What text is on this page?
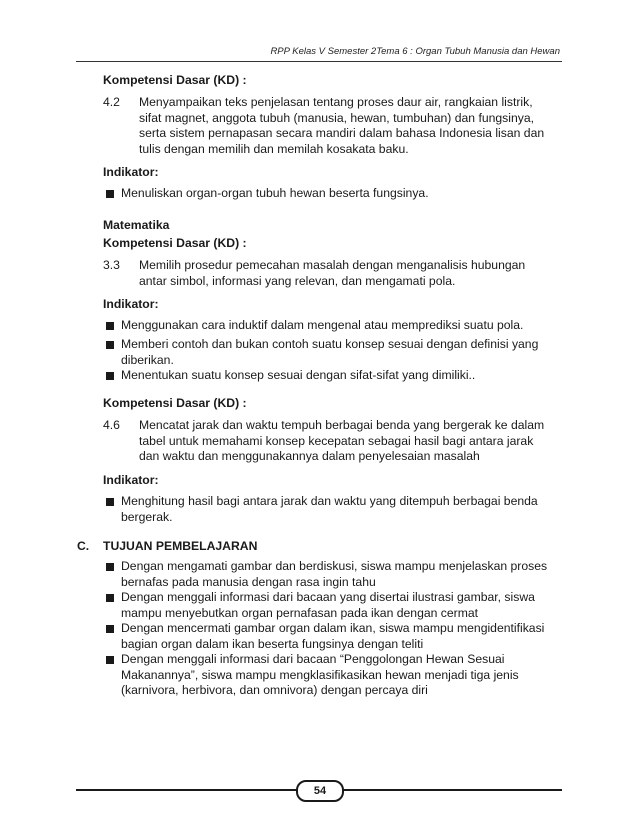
RPP Kelas V Semester 2Tema 6 : Organ Tubuh Manusia dan Hewan
Kompetensi Dasar (KD) :
4.2 Menyampaikan teks penjelasan tentang proses daur air, rangkaian listrik,
sifat magnet, anggota tubuh (manusia, hewan, tumbuhan) dan fungsinya,
serta sistem pernapasan secara mandiri dalam bahasa Indonesia lisan dan
tulis dengan memilih dan memilah kosakata baku.
Indikator:
Menuliskan organ-organ tubuh hewan beserta fungsinya.
Matematika
Kompetensi Dasar (KD) :
3.3 Memilih prosedur pemecahan masalah dengan menganalisis hubungan
antar simbol, informasi yang relevan, dan mengamati pola.
Indikator:
Menggunakan cara induktif dalam mengenal atau memprediksi suatu pola.
Memberi contoh dan bukan contoh suatu konsep sesuai dengan definisi yang
diberikan.
Menentukan suatu konsep sesuai dengan sifat-sifat yang dimiliki..
Kompetensi Dasar (KD) :
4.6 Mencatat jarak dan waktu tempuh berbagai benda yang bergerak ke dalam
tabel untuk memahami konsep kecepatan sebagai hasil bagi antara jarak
dan waktu dan menggunakannya dalam penyelesaian masalah
Indikator:
Menghitung hasil bagi antara jarak dan waktu yang ditempuh berbagai benda
bergerak.
C. TUJUAN PEMBELAJARAN
Dengan mengamati gambar dan berdiskusi, siswa mampu menjelaskan proses
bernafas pada manusia dengan rasa ingin tahu
Dengan menggali informasi dari bacaan yang disertai ilustrasi gambar, siswa
mampu menyebutkan organ pernafasan pada ikan dengan cermat
Dengan mencermati gambar organ dalam ikan, siswa mampu mengidentifikasi
bagian organ dalam ikan beserta fungsinya dengan teliti
Dengan menggali informasi dari bacaan “Penggolongan Hewan Sesuai
Makanannya”, siswa mampu mengklasifikasikan hewan menjadi tiga jenis
(karnivora, herbivora, dan omnivora) dengan percaya diri
54
